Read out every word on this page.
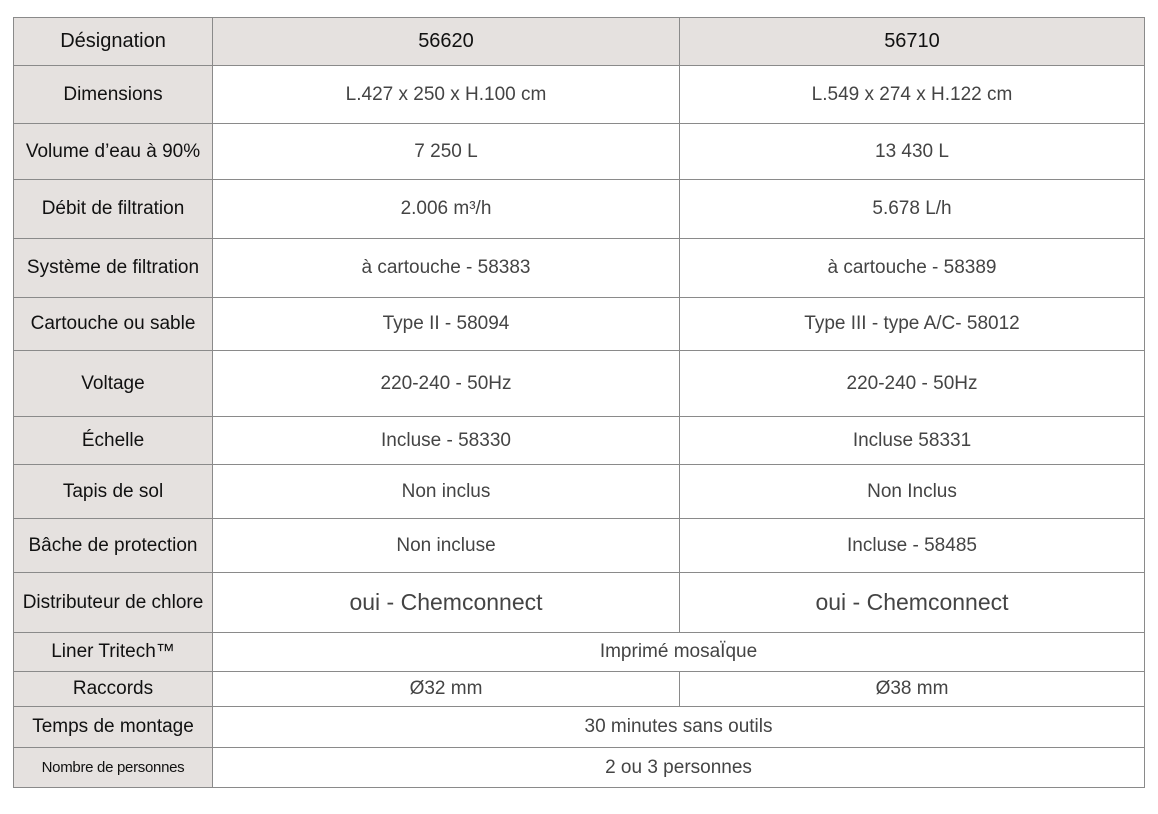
Désignation	56620	56710
Dimensions	L.427 x 250 x H.100 cm	L.549 x 274 x H.122 cm
Volume d’eau à 90%	7 250 L	13 430 L
Débit de filtration	2.006 m³/h	5.678 L/h
Système de filtration	à cartouche - 58383	à cartouche - 58389
Cartouche ou sable	Type II - 58094	Type III - type A/C- 58012
Voltage	220-240 - 50Hz	220-240 - 50Hz
Échelle	Incluse - 58330	Incluse 58331
Tapis de sol	Non inclus	Non Inclus
Bâche de protection	Non incluse	Incluse - 58485
Distributeur de chlore	oui - Chemconnect	oui - Chemconnect
Liner Tritech™	Imprimé mosaÏque	
Raccords	Ø32 mm	Ø38 mm
Temps de montage	30 minutes sans outils	
Nombre de personnes	2 ou 3 personnes	
